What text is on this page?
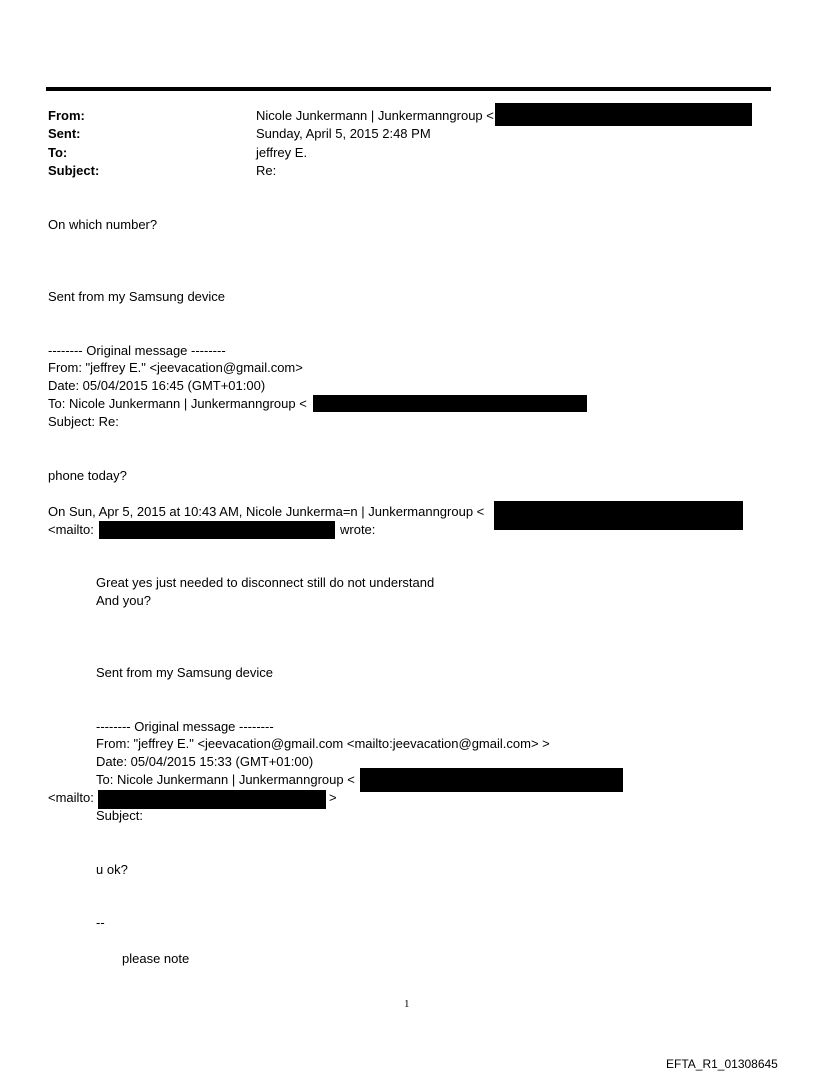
From:	Nicole Junkermann | Junkermanngroup <
Sent:	Sunday, April 5, 2015 2:48 PM
To:	jeffrey E.
Subject:	Re:
On which number?
Sent from my Samsung device
-------- Original message --------
From: "jeffrey E." <jeevacation@gmail.com>
Date: 05/04/2015 16:45 (GMT+01:00)
To: Nicole Junkermann | Junkermanngroup <
Subject: Re:
phone today?
On Sun, Apr 5, 2015 at 10:43 AM, Nicole Junkerma=n | Junkermanngroup <
<mailto:	wrote:
Great yes just needed to disconnect still do not understand
And you?
Sent from my Samsung device
-------- Original message --------
From: "jeffrey E." <jeevacation@gmail.com <mailto:jeevacation@gmail.com> >
Date: 05/04/2015 15:33 (GMT+01:00)
To: Nicole Junkermann | Junkermanngroup <
<mailto:	>
Subject:
u ok?
--
please note
1
EFTA_R1_01308645
